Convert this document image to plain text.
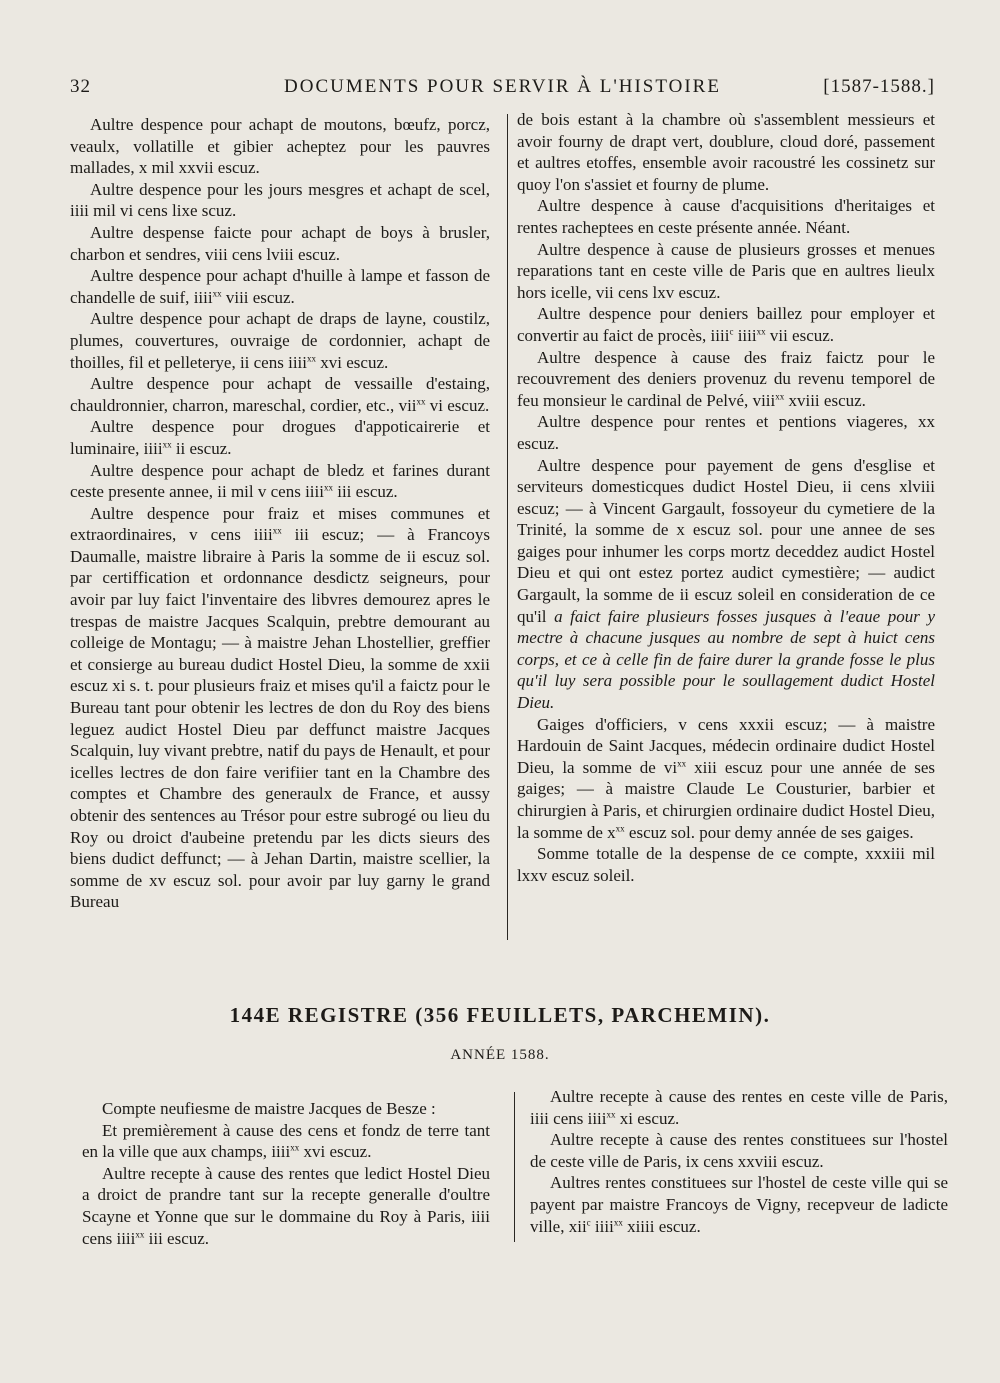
32	DOCUMENTS POUR SERVIR À L'HISTOIRE	[1587-1588.]

Aultre despence pour achapt de moutons, bœufz, porcz, veaulx, vollatille et gibier acheptez pour les pauvres mallades, x mil xxvii escuz.

Aultre despence pour les jours mesgres et achapt de scel, iiii mil vi cens lixe scuz.

Aultre despense faicte pour achapt de boys à brusler, charbon et sendres, viii cens lviii escuz.

Aultre despence pour achapt d'huille à lampe et fasson de chandelle de suif, iiii$^{xx}$ viii escuz.

Aultre despence pour achapt de draps de layne, coustilz, plumes, couvertures, ouvraige de cordonnier, achapt de thoilles, fil et pelleterye, ii cens iiii$^{xx}$ xvi escuz.

Aultre despence pour achapt de vessaille d'estaing, chauldronnier, charron, mareschal, cordier, etc., vii$^{xx}$ vi escuz.

Aultre despence pour drogues d'appoticairerie et luminaire, iiii$^{xx}$ ii escuz.

Aultre despence pour achapt de bledz et farines durant ceste presente annee, ii mil v cens iiii$^{xx}$ iii escuz.

Aultre despence pour fraiz et mises communes et extraordinaires, v cens iiii$^{xx}$ iii escuz; — à Francoys Daumalle, maistre libraire à Paris la somme de ii escuz sol. par certiffication et ordonnance desdictz seigneurs, pour avoir par luy faict l'inventaire des libvres demourez apres le trespas de maistre Jacques Scalquin, prebtre demourant au colleige de Montagu; — à maistre Jehan Lhostellier, greffier et consierge au bureau dudict Hostel Dieu, la somme de xxii escuz xi s. t. pour plusieurs fraiz et mises qu'il a faictz pour le Bureau tant pour obtenir les lectres de don du Roy des biens leguez audict Hostel Dieu par deffunct maistre Jacques Scalquin, luy vivant prebtre, natif du pays de Henault, et pour icelles lectres de don faire verifiier tant en la Chambre des comptes et Chambre des generaulx de France, et aussy obtenir des sentences au Trésor pour estre subrogé ou lieu du Roy ou droict d'aubeine pretendu par les dicts sieurs des biens dudict deffunct; — à Jehan Dartin, maistre scellier, la somme de xv escuz sol. pour avoir par luy garny le grand Bureau

de bois estant à la chambre où s'assemblent messieurs et avoir fourny de drapt vert, doublure, cloud doré, passement et aultres etoffes, ensemble avoir racoustré les cossinetz sur quoy l'on s'assiet et fourny de plume.

Aultre despence à cause d'acquisitions d'heritaiges et rentes racheptees en ceste présente année. Néant.

Aultre despence à cause de plusieurs grosses et menues reparations tant en ceste ville de Paris que en aultres lieulx hors icelle, vii cens lxv escuz.

Aultre despence pour deniers baillez pour employer et convertir au faict de procès, iiii$^c$ iiii$^{xx}$ vii escuz.

Aultre despence à cause des fraiz faictz pour le recouvrement des deniers provenuz du revenu temporel de feu monsieur le cardinal de Pelvé, viii$^{xx}$ xviii escuz.

Aultre despence pour rentes et pentions viageres, xx escuz.

Aultre despence pour payement de gens d'esglise et serviteurs domesticques dudict Hostel Dieu, ii cens xlviii escuz; — à Vincent Gargault, fossoyeur du cymetiere de la Trinité, la somme de x escuz sol. pour une annee de ses gaiges pour inhumer les corps mortz deceddez audict Hostel Dieu et qui ont estez portez audict cymestière; — audict Gargault, la somme de ii escuz soleil en consideration de ce qu'il a faict faire plusieurs fosses jusques à l'eaue pour y mectre à chacune jusques au nombre de sept à huict cens corps, et ce à celle fin de faire durer la grande fosse le plus qu'il luy sera possible pour le soullagement dudict Hostel Dieu.

Gaiges d'officiers, v cens xxxii escuz; — à maistre Hardouin de Saint Jacques, médecin ordinaire dudict Hostel Dieu, la somme de $vi^{xx}$ xiii escuz pour une année de ses gaiges; — à maistre Claude Le Cousturier, barbier et chirurgien à Paris, et chirurgien ordinaire dudict Hostel Dieu, la somme de $x^{xx}$ escuz sol. pour demy année de ses gaiges.

Somme totalle de la despense de ce compte, xxxiii mil lxxv escuz soleil.

144E REGISTRE (356 FEUILLETS, PARCHEMIN).
ANNÉE 1588.

Compte neufiesme de maistre Jacques de Besze :

Et premièrement à cause des cens et fondz de terre tant en la ville que aux champs, iiii$^{xx}$ xvi escuz.

Aultre recepte à cause des rentes que ledict Hostel Dieu a droict de prandre tant sur la recepte generalle d'oultre Scayne et Yonne que sur le dommaine du Roy à Paris, iiii cens iiii$^{xx}$ iii escuz.

Aultre recepte à cause des rentes en ceste ville de Paris, iiii cens iiii$^{xx}$ xi escuz.

Aultre recepte à cause des rentes constituees sur l'hostel de ceste ville de Paris, ix cens xxviii escuz.

Aultres rentes constituees sur l'hostel de ceste ville qui se payent par maistre Francoys de Vigny, recepveur de ladicte ville, xii$^c$ iiii$^{xx}$ xiiii escuz.
